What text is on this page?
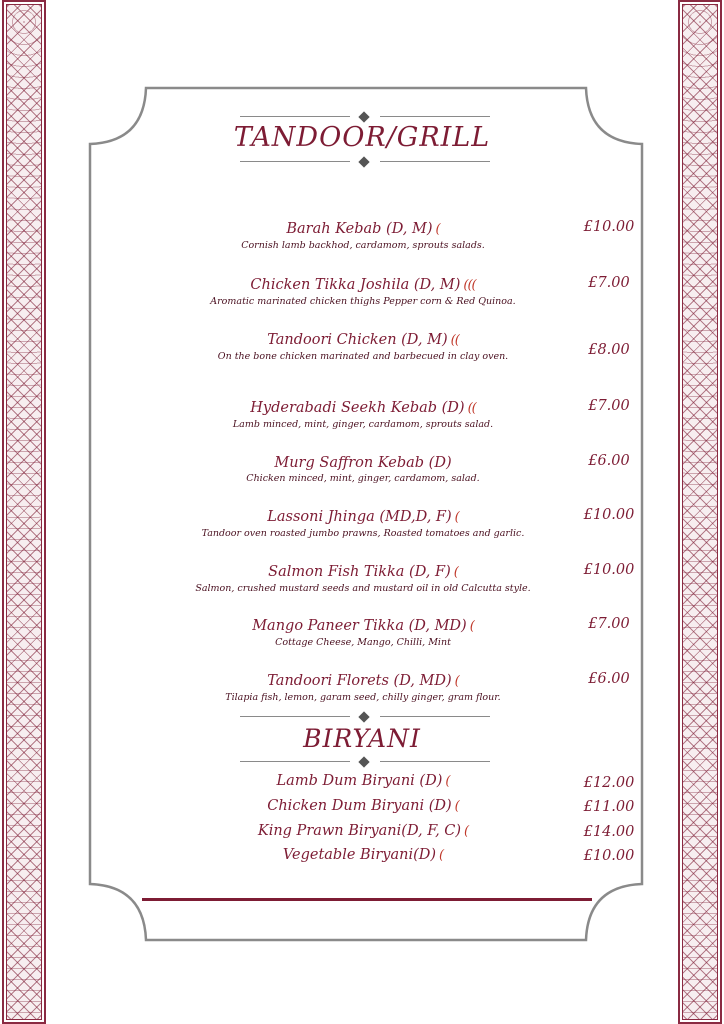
TANDOOR/GRILL
Barah Kebab (D, M) (
Cornish lamb backhod, cardamom, sprouts salads.
£10.00
Chicken Tikka Joshila (D, M) (((
Aromatic marinated chicken thighs Pepper corn & Red Quinoa.
£7.00
Tandoori Chicken (D, M) ((
On the bone chicken marinated and barbecued in clay oven.	£8.00
Hyderabadi Seekh Kebab (D) ((
Lamb minced, mint, ginger, cardamom, sprouts salad.
£7.00
Murg Saffron Kebab (D)
Chicken minced, mint, ginger, cardamom, salad.
£6.00
Lassoni Jhinga (MD,D, F) (
Tandoor oven roasted jumbo prawns, Roasted tomatoes and garlic.
£10.00
Salmon Fish Tikka (D, F) (
Salmon, crushed mustard seeds and mustard oil in old Calcutta style.
£10.00
Mango Paneer Tikka (D, MD) (
Cottage Cheese, Mango, Chilli, Mint
£7.00
Tandoori Florets (D, MD) (
Tilapia fish, lemon, garam seed, chilly ginger, gram flour.
£6.00
BIRYANI
Lamb Dum Biryani (D) (	£12.00
Chicken Dum Biryani (D) (	£11.00
King Prawn Biryani(D, F, C) (	£14.00
Vegetable Biryani(D) (	£10.00
